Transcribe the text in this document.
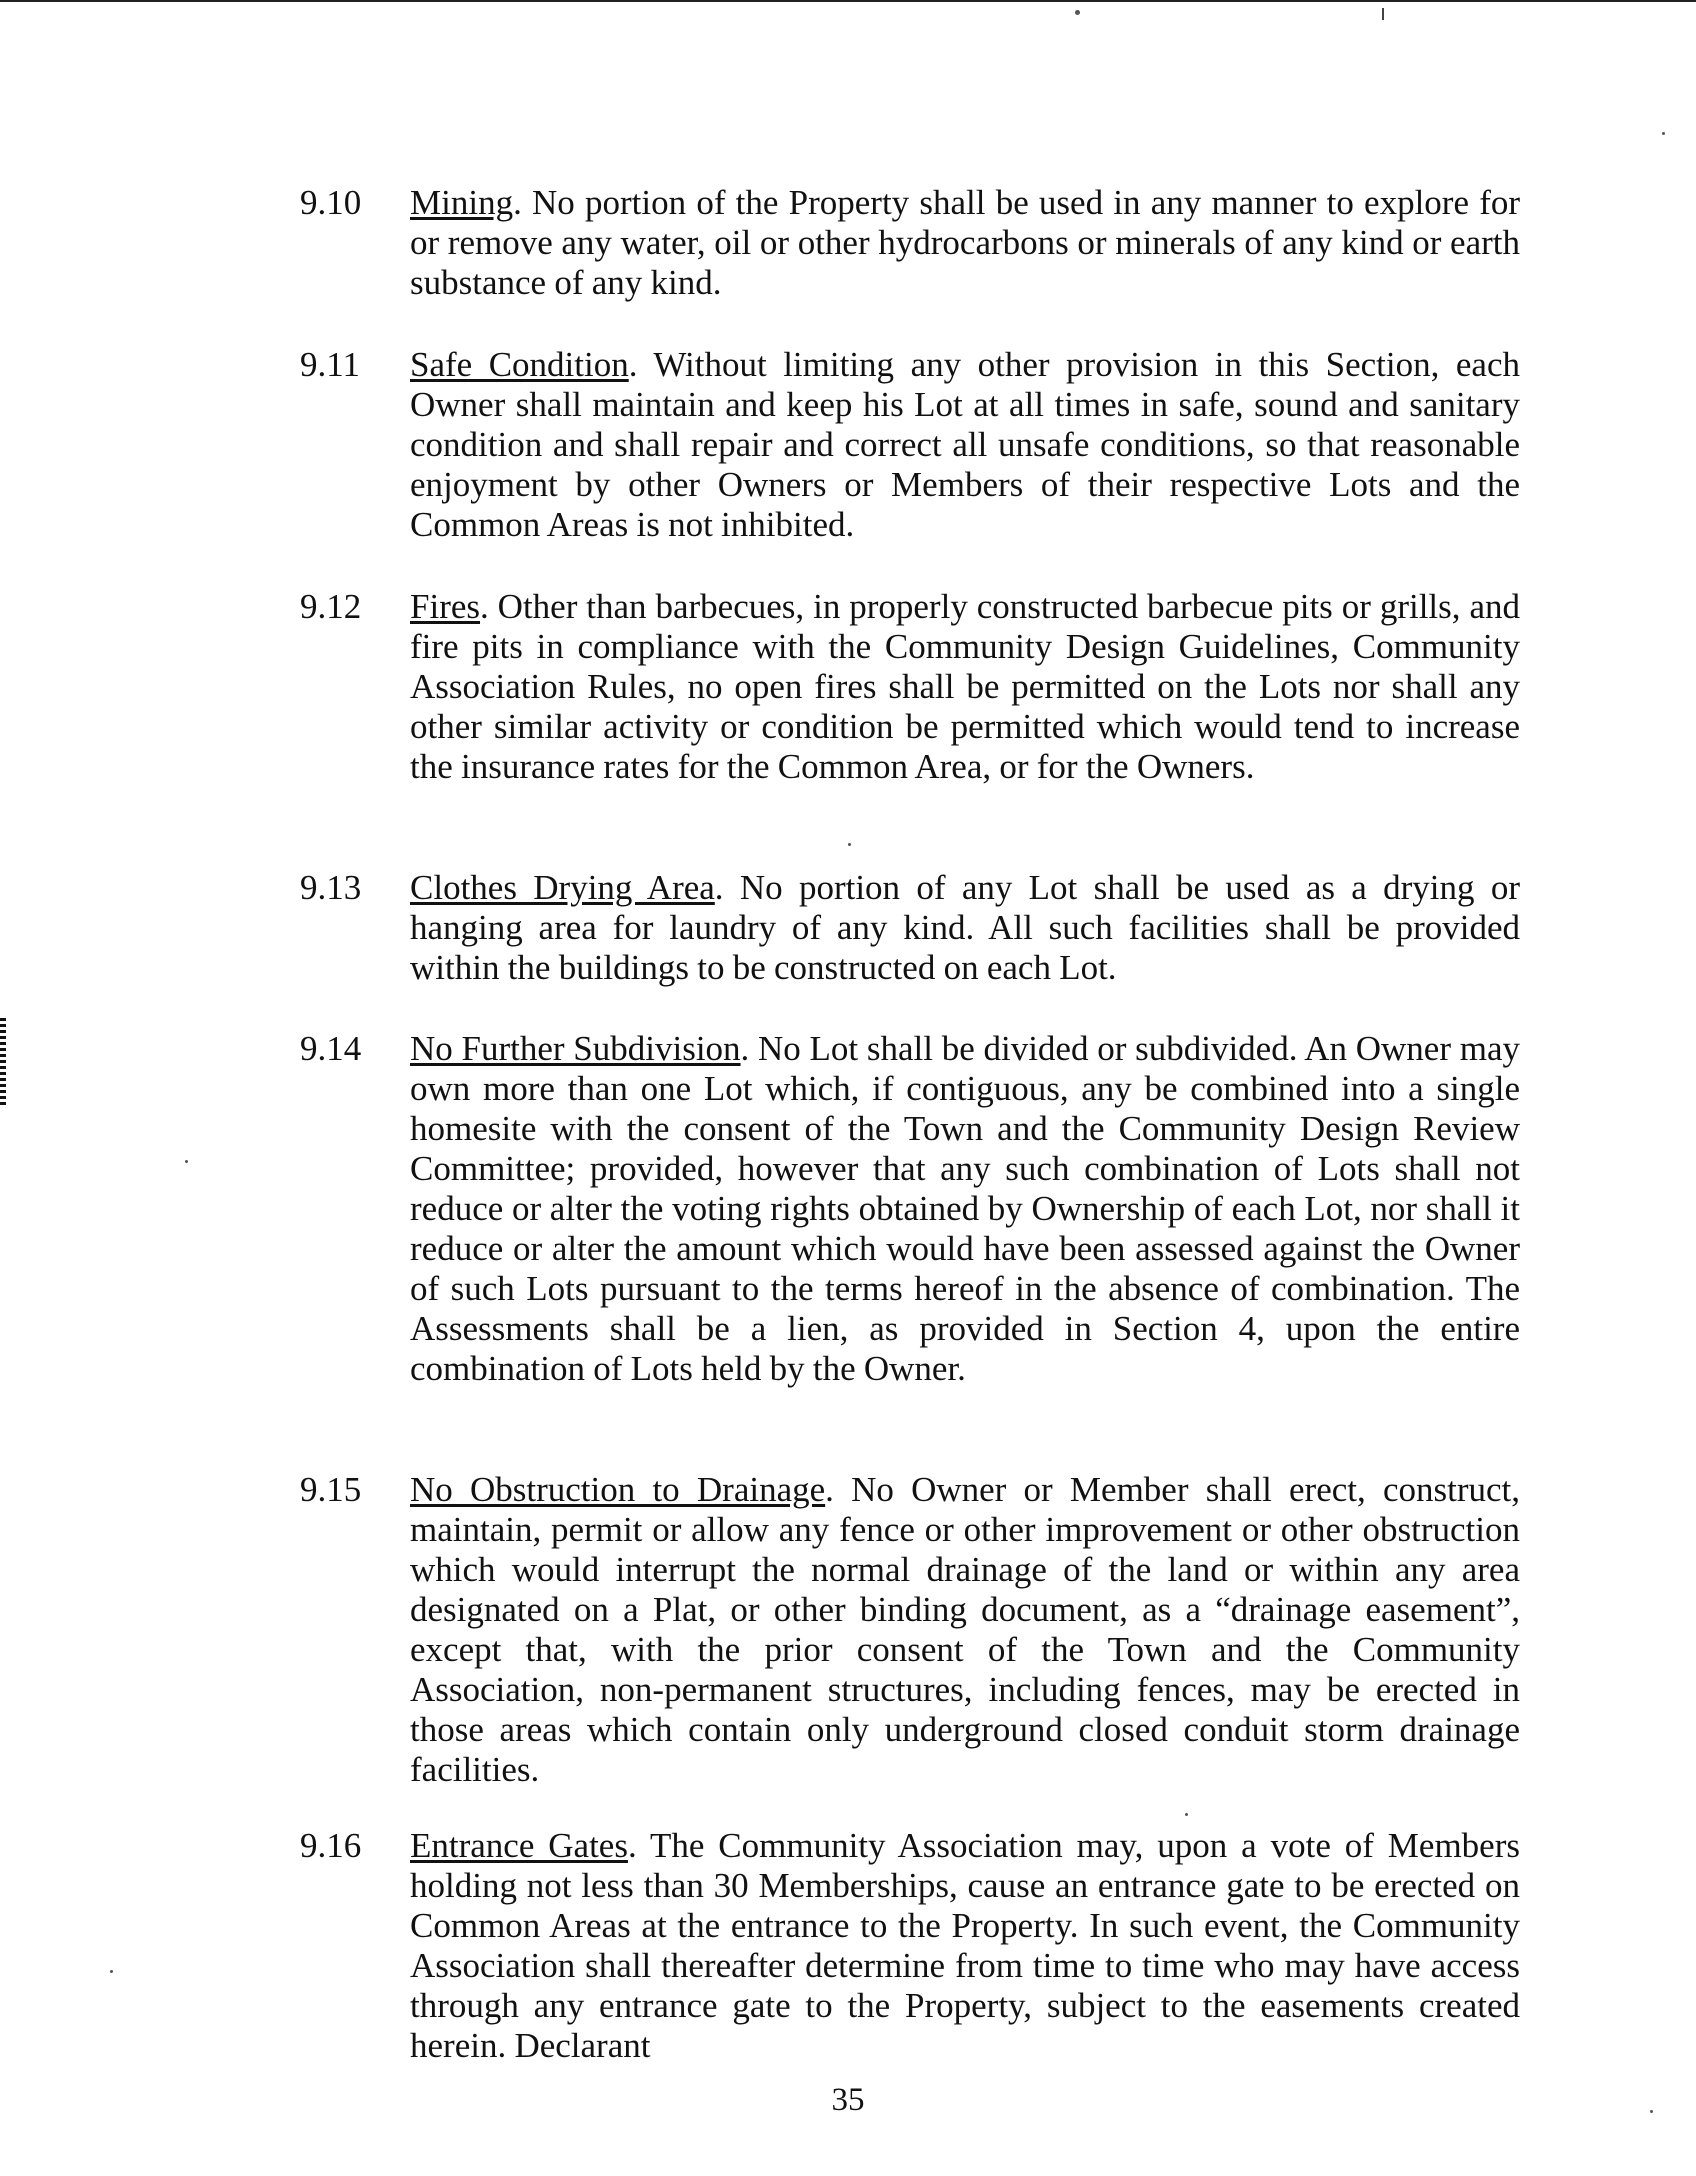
9.10 Mining. No portion of the Property shall be used in any manner to explore for or remove any water, oil or other hydrocarbons or minerals of any kind or earth substance of any kind.
9.11 Safe Condition. Without limiting any other provision in this Section, each Owner shall maintain and keep his Lot at all times in safe, sound and sanitary condition and shall repair and correct all unsafe conditions, so that reasonable enjoyment by other Owners or Members of their respective Lots and the Common Areas is not inhibited.
9.12 Fires. Other than barbecues, in properly constructed barbecue pits or grills, and fire pits in compliance with the Community Design Guidelines, Community Association Rules, no open fires shall be permitted on the Lots nor shall any other similar activity or condition be permitted which would tend to increase the insurance rates for the Common Area, or for the Owners.
9.13 Clothes Drying Area. No portion of any Lot shall be used as a drying or hanging area for laundry of any kind. All such facilities shall be provided within the buildings to be constructed on each Lot.
9.14 No Further Subdivision. No Lot shall be divided or subdivided. An Owner may own more than one Lot which, if contiguous, any be combined into a single homesite with the consent of the Town and the Community Design Review Committee; provided, however that any such combination of Lots shall not reduce or alter the voting rights obtained by Ownership of each Lot, nor shall it reduce or alter the amount which would have been assessed against the Owner of such Lots pursuant to the terms hereof in the absence of combination. The Assessments shall be a lien, as provided in Section 4, upon the entire combination of Lots held by the Owner.
9.15 No Obstruction to Drainage. No Owner or Member shall erect, construct, maintain, permit or allow any fence or other improvement or other obstruction which would interrupt the normal drainage of the land or within any area designated on a Plat, or other binding document, as a “drainage easement”, except that, with the prior consent of the Town and the Community Association, non-permanent structures, including fences, may be erected in those areas which contain only underground closed conduit storm drainage facilities.
9.16 Entrance Gates. The Community Association may, upon a vote of Members holding not less than 30 Memberships, cause an entrance gate to be erected on Common Areas at the entrance to the Property. In such event, the Community Association shall thereafter determine from time to time who may have access through any entrance gate to the Property, subject to the easements created herein. Declarant
35
